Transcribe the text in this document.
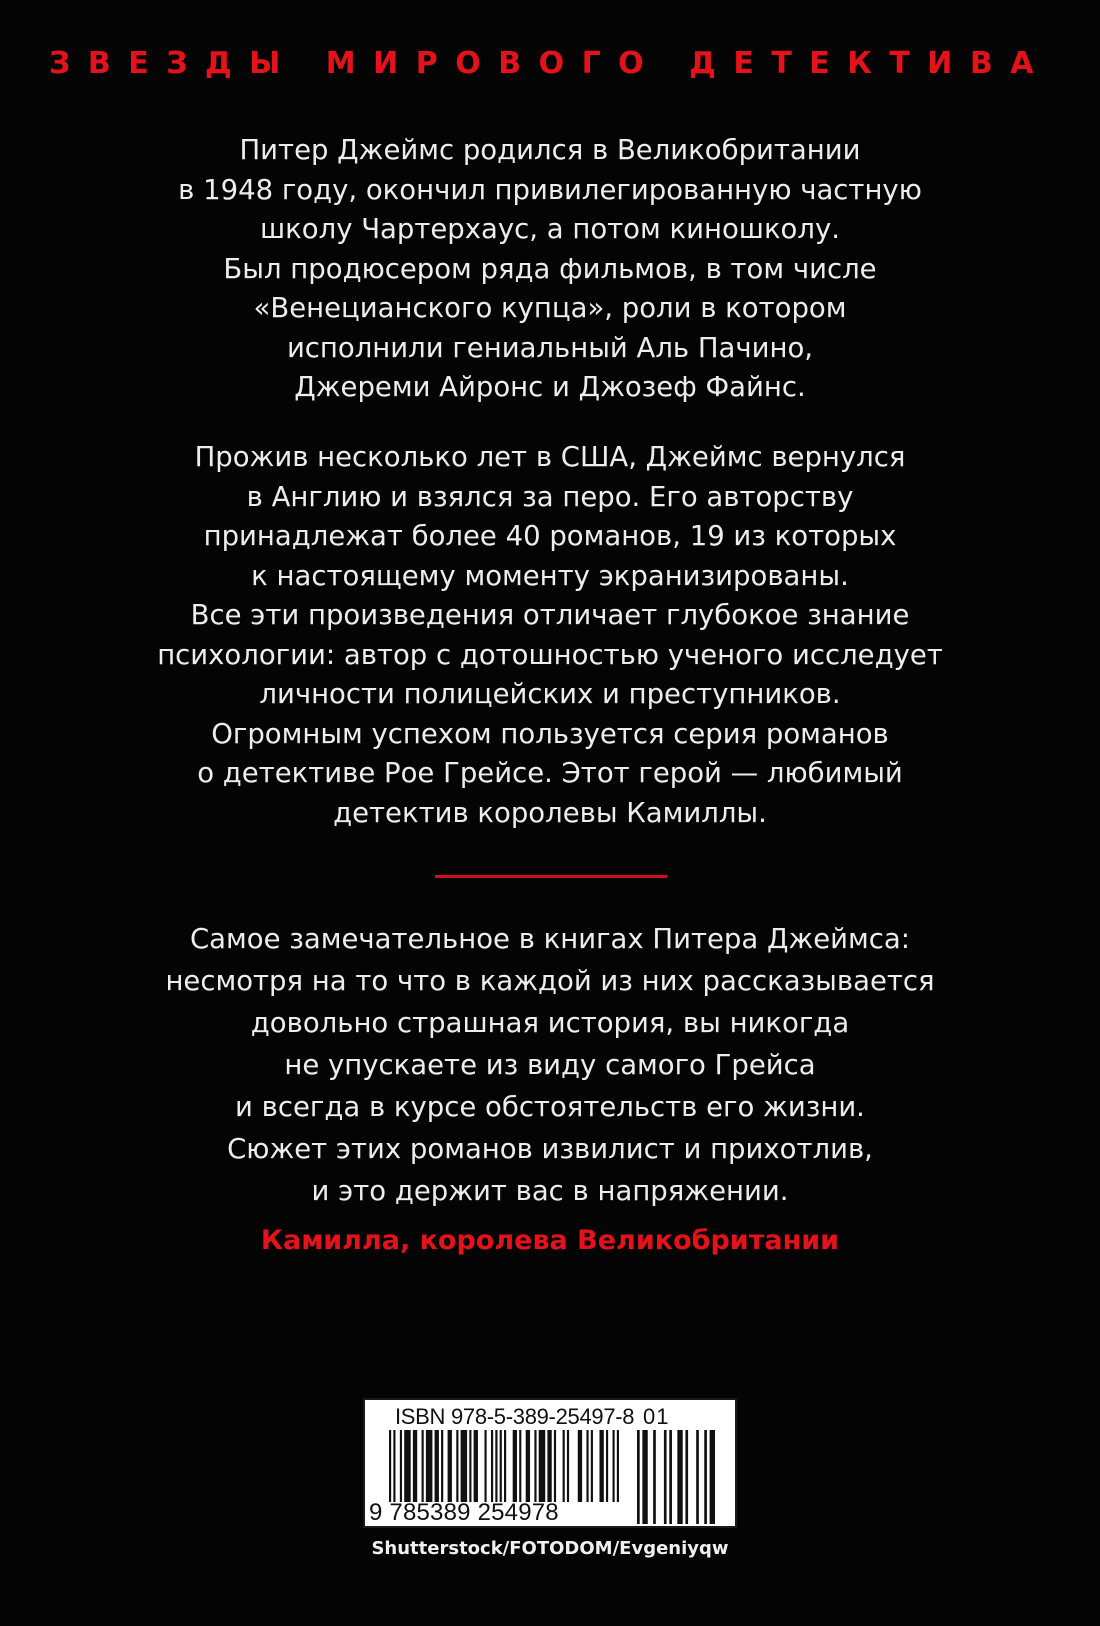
ЗВЕЗДЫ МИРОВОГО ДЕТЕКТИВА
Питер Джеймс родился в Великобритании
в 1948 году, окончил привилегированную частную
школу Чартерхаус, а потом киношколу.
Был продюсером ряда фильмов, в том числе
«Венецианского купца», роли в котором
исполнили гениальный Аль Пачино,
Джереми Айронс и Джозеф Файнс.
Прожив несколько лет в США, Джеймс вернулся
в Англию и взялся за перо. Его авторству
принадлежат более 40 романов, 19 из которых
к настоящему моменту экранизированы.
Все эти произведения отличает глубокое знание
психологии: автор с дотошностью ученого исследует
личности полицейских и преступников.
Огромным успехом пользуется серия романов
о детективе Рое Грейсе. Этот герой — любимый
детектив королевы Камиллы.
Самое замечательное в книгах Питера Джеймса:
несмотря на то что в каждой из них рассказывается
довольно страшная история, вы никогда
не упускаете из виду самого Грейса
и всегда в курсе обстоятельств его жизни.
Сюжет этих романов извилист и прихотлив,
и это держит вас в напряжении.
Камилла, королева Великобритании
ISBN 978-5-389-25497-8 01
9 785389 254978
Shutterstock/FOTODOM/Evgeniyqw
